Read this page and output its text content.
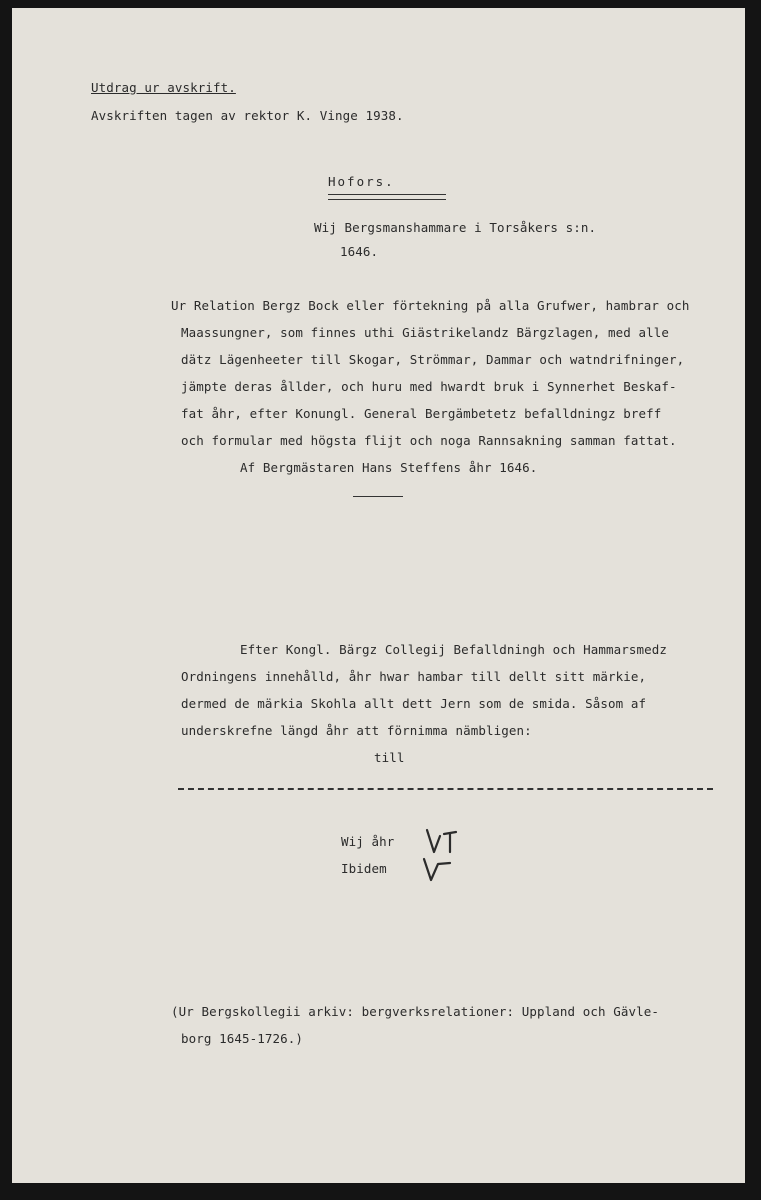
Utdrag ur avskrift.
Avskriften tagen av rektor K. Vinge 1938.
Hofors.
Wij Bergsmanshammare i Torsåkers s:n.
1646.
Ur Relation Bergz Bock eller förtekning på alla Grufwer, hambrar och
Maassungner, som finnes uthi Giästrikelandz Bärgzlagen, med alle
dätz Lägenheeter till Skogar, Strömmar, Dammar och watndrifninger,
jämpte deras ållder, och huru med hwardt bruk i Synnerhet Beskaf-
fat åhr, efter Konungl. General Bergämbetetz befalldningz breff
och formular med högsta flijt och noga Rannsakning samman fattat.
Af Bergmästaren Hans Steffens åhr 1646.
Efter Kongl. Bärgz Collegij Befalldningh och Hammarsmedz
Ordningens innehålld, åhr hwar hambar till dellt sitt märkie,
dermed de märkia Skohla allt dett Jern som de smida. Såsom af
underskrefne längd åhr att förnimma nämbligen:
till
Wij åhr
Ibidem
(Ur Bergskollegii arkiv: bergverksrelationer: Uppland och Gävle-
borg 1645-1726.)
